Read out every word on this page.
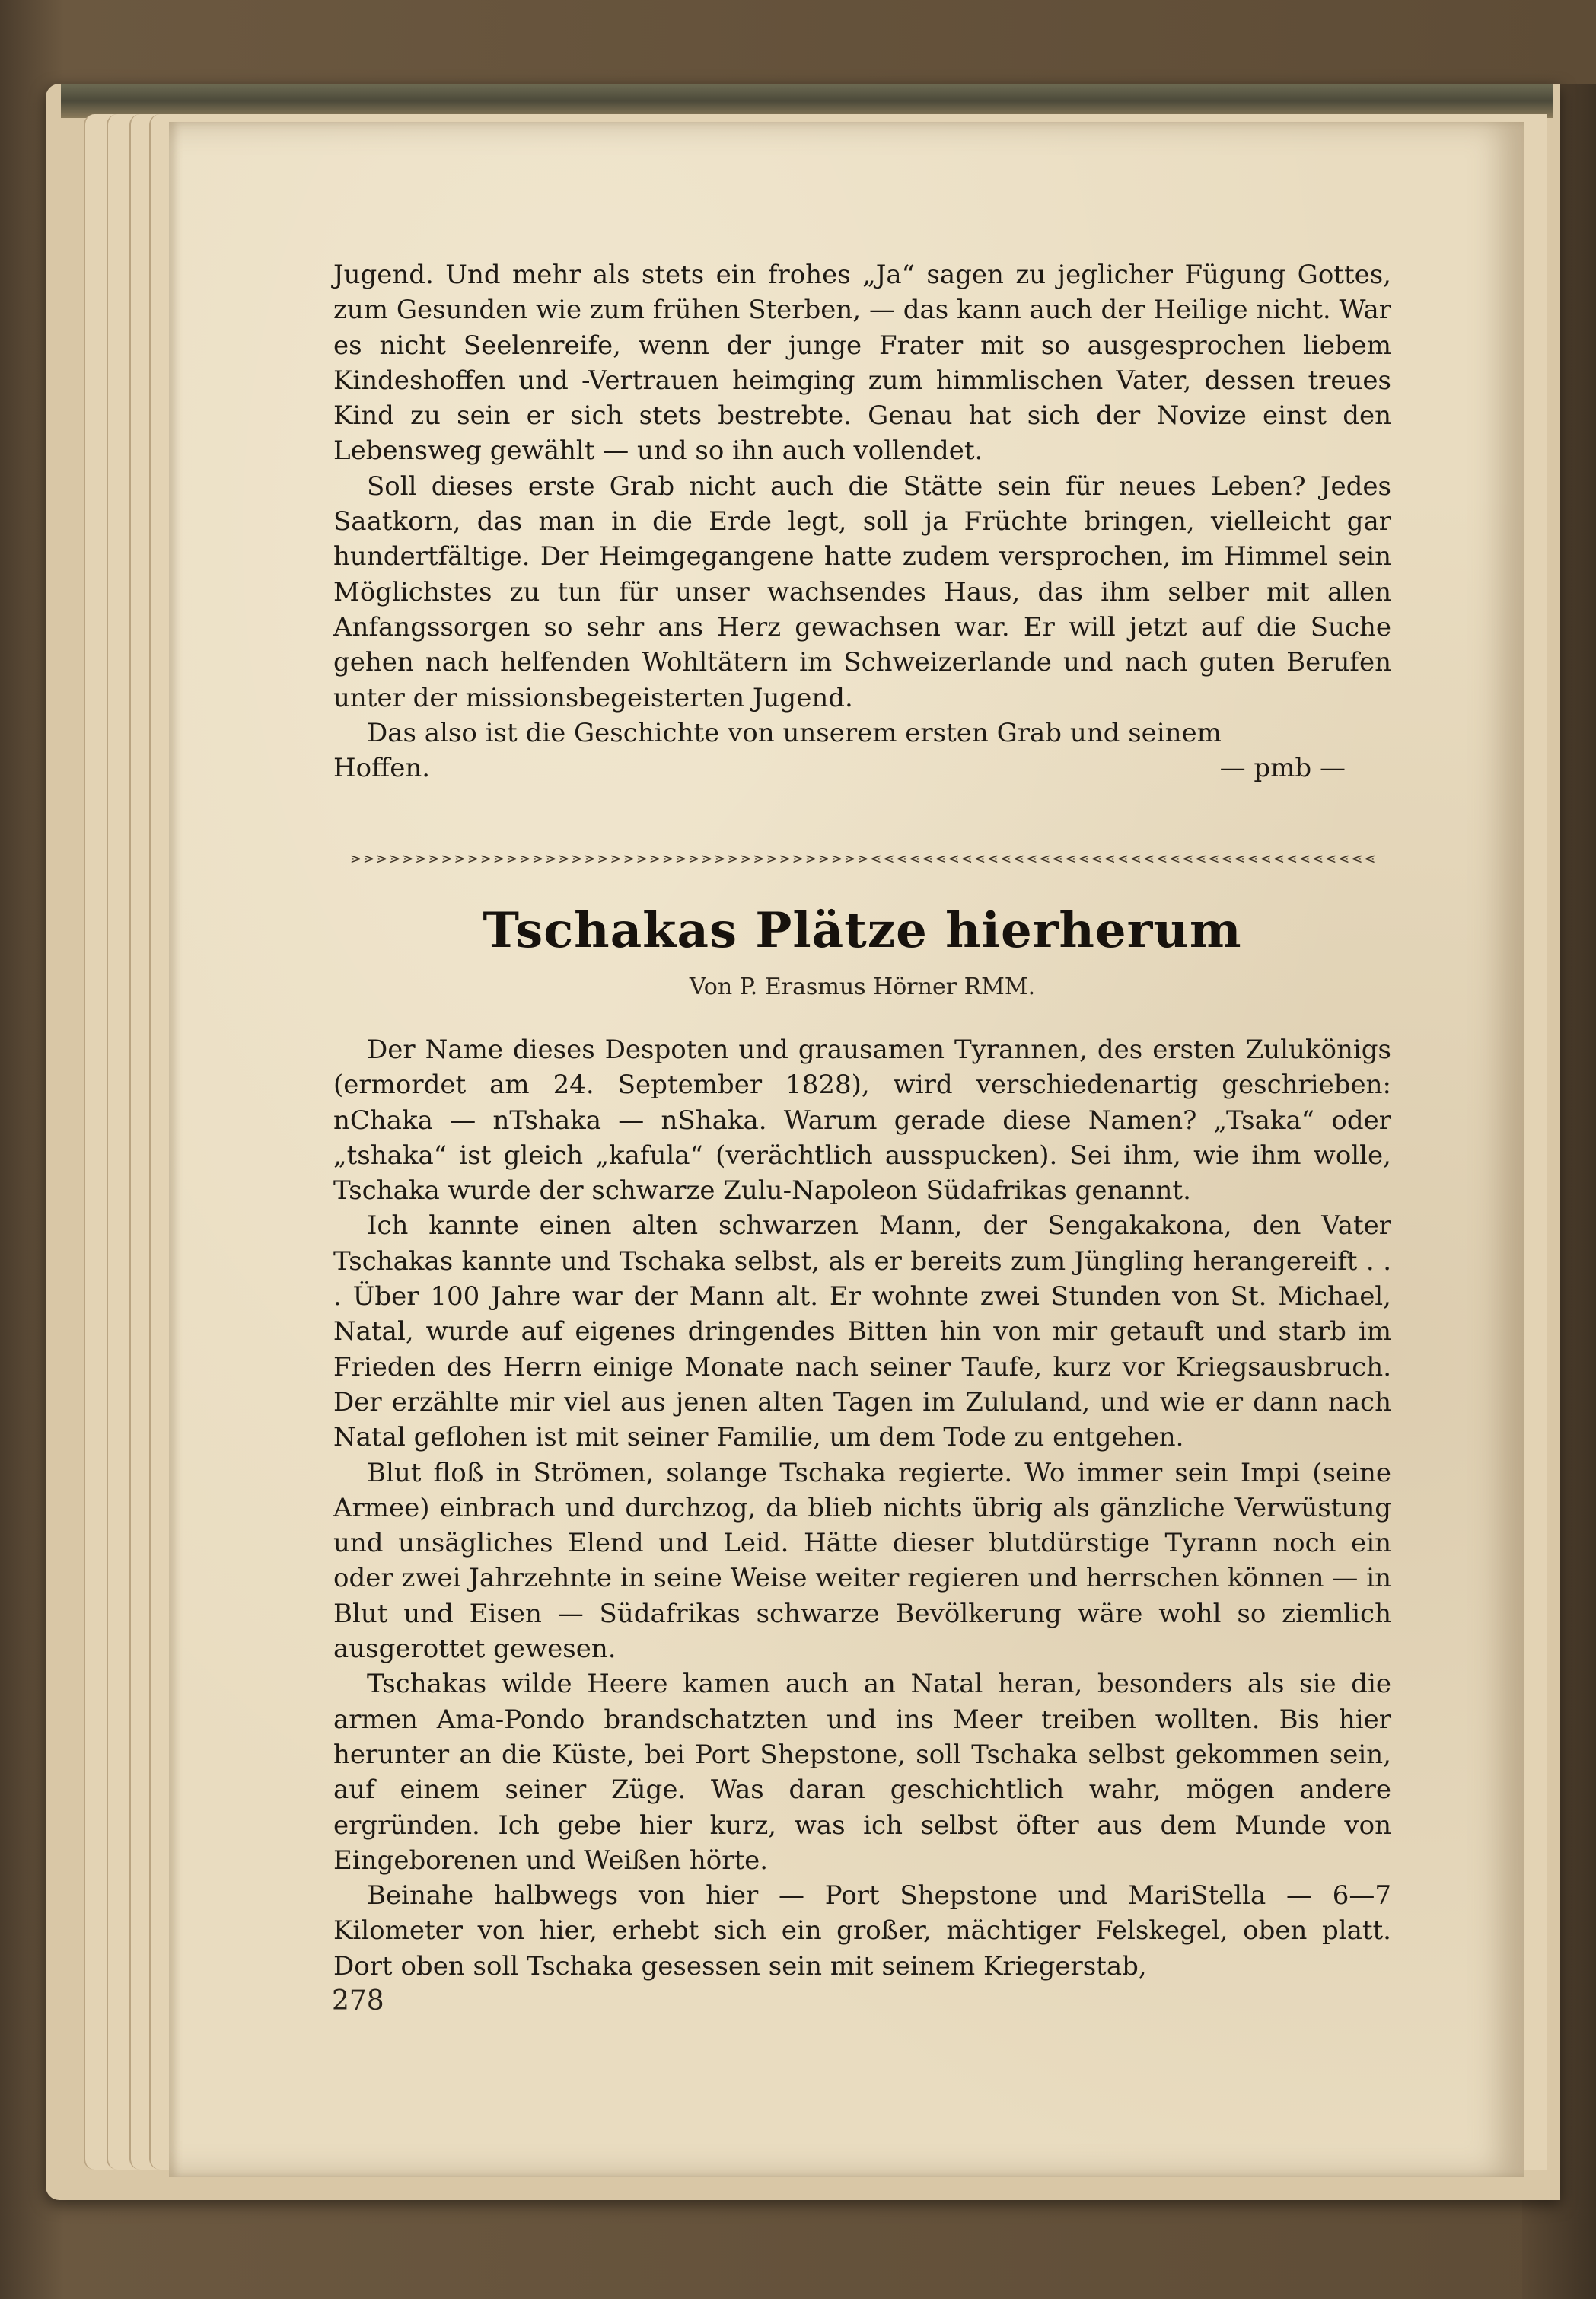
Jugend. Und mehr als stets ein frohes „Ja“ sagen zu jeglicher Fügung Gottes, zum Gesunden wie zum frühen Sterben, — das kann auch der Heilige nicht. War es nicht Seelenreife, wenn der junge Frater mit so ausgesprochen liebem Kindeshoffen und -Vertrauen heimging zum himmlischen Vater, dessen treues Kind zu sein er sich stets bestrebte. Genau hat sich der Novize einst den Lebensweg gewählt — und so ihn auch vollendet.

Soll dieses erste Grab nicht auch die Stätte sein für neues Leben? Jedes Saatkorn, das man in die Erde legt, soll ja Früchte bringen, vielleicht gar hundertfältige. Der Heimgegangene hatte zudem versprochen, im Himmel sein Möglichstes zu tun für unser wachsendes Haus, das ihm selber mit allen Anfangssorgen so sehr ans Herz gewachsen war. Er will jetzt auf die Suche gehen nach helfenden Wohltätern im Schweizerlande und nach guten Berufen unter der missionsbegeisterten Jugend.

Das also ist die Geschichte von unserem ersten Grab und seinem

Hoffen.	— pmb —
⋗⋗⋗⋗⋗⋗⋗⋗⋗⋗⋗⋗⋗⋗⋗⋗⋗⋗⋗⋗⋗⋗⋗⋗⋗⋗⋗⋗⋗⋗⋗⋗⋗⋗⋗⋗⋗⋗⋗⋗⋖⋖⋖⋖⋖⋖⋖⋖⋖⋖⋖⋖⋖⋖⋖⋖⋖⋖⋖⋖⋖⋖⋖⋖⋖⋖⋖⋖⋖⋖⋖⋖⋖⋖⋖⋖⋖⋖⋖
Tschakas Plätze hierherum
Von P. Erasmus Hörner RMM.

Der Name dieses Despoten und grausamen Tyrannen, des ersten Zulukönigs (ermordet am 24. September 1828), wird verschiedenartig geschrieben: nChaka — nTshaka — nShaka. Warum gerade diese Namen? „Tsaka“ oder „tshaka“ ist gleich „kafula“ (verächtlich ausspucken). Sei ihm, wie ihm wolle, Tschaka wurde der schwarze Zulu-Napoleon Südafrikas genannt.

Ich kannte einen alten schwarzen Mann, der Sengakakona, den Vater Tschakas kannte und Tschaka selbst, als er bereits zum Jüngling herangereift . . . Über 100 Jahre war der Mann alt. Er wohnte zwei Stunden von St. Michael, Natal, wurde auf eigenes dringendes Bitten hin von mir getauft und starb im Frieden des Herrn einige Monate nach seiner Taufe, kurz vor Kriegsausbruch. Der erzählte mir viel aus jenen alten Tagen im Zululand, und wie er dann nach Natal geflohen ist mit seiner Familie, um dem Tode zu entgehen.

Blut floß in Strömen, solange Tschaka regierte. Wo immer sein Impi (seine Armee) einbrach und durchzog, da blieb nichts übrig als gänzliche Verwüstung und unsägliches Elend und Leid. Hätte dieser blutdürstige Tyrann noch ein oder zwei Jahrzehnte in seine Weise weiter regieren und herrschen können — in Blut und Eisen — Südafrikas schwarze Bevölkerung wäre wohl so ziemlich ausgerottet gewesen.

Tschakas wilde Heere kamen auch an Natal heran, besonders als sie die armen Ama-Pondo brandschatzten und ins Meer treiben wollten. Bis hier herunter an die Küste, bei Port Shepstone, soll Tschaka selbst gekommen sein, auf einem seiner Züge. Was daran geschichtlich wahr, mögen andere ergründen. Ich gebe hier kurz, was ich selbst öfter aus dem Munde von Eingeborenen und Weißen hörte.

Beinahe halbwegs von hier — Port Shepstone und MariStella — 6—7 Kilometer von hier, erhebt sich ein großer, mächtiger Felskegel, oben platt. Dort oben soll Tschaka gesessen sein mit seinem Kriegerstab,

278
